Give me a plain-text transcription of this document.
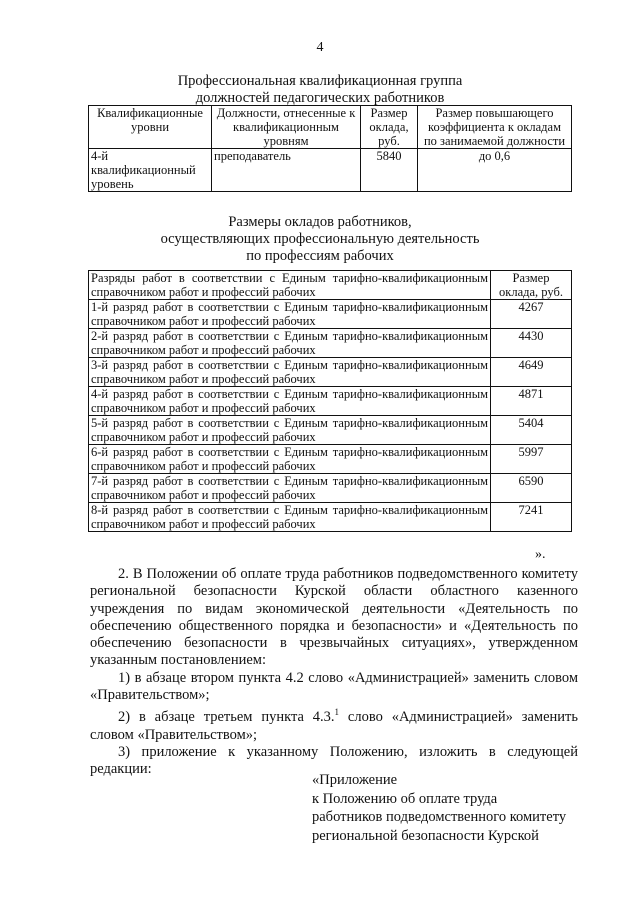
4
Профессиональная квалификационная группа
должностей педагогических работников
Квалификационные уровни	Должности, отнесенные к квалификационным уровням	Размер оклада, руб.	Размер повышающего коэффициента к окладам по занимаемой должности
4-й квалификационный уровень	преподаватель	5840	до 0,6
Размеры окладов работников,
осуществляющих профессиональную деятельность
по профессиям рабочих
Разряды работ в соответствии с Единым тарифно-квалификационным справочником работ и профессий рабочих	Размер оклада, руб.
1-й разряд работ в соответствии с Единым тарифно-квалификационным справочником работ и профессий рабочих	4267
2-й разряд работ в соответствии с Единым тарифно-квалификационным справочником работ и профессий рабочих	4430
3-й разряд работ в соответствии с Единым тарифно-квалификационным справочником работ и профессий рабочих	4649
4-й разряд работ в соответствии с Единым тарифно-квалификационным справочником работ и профессий рабочих	4871
5-й разряд работ в соответствии с Единым тарифно-квалификационным справочником работ и профессий рабочих	5404
6-й разряд работ в соответствии с Единым тарифно-квалификационным справочником работ и профессий рабочих	5997
7-й разряд работ в соответствии с Единым тарифно-квалификационным справочником работ и профессий рабочих	6590
8-й разряд работ в соответствии с Единым тарифно-квалификационным справочником работ и профессий рабочих	7241
».

2. В Положении об оплате труда работников подведомственного комитету региональной безопасности Курской области областного казенного учреждения по видам экономической деятельности «Деятельность по обеспечению общественного порядка и безопасности» и «Деятельность по обеспечению безопасности в чрезвычайных ситуациях», утвержденном указанным постановлением:

1) в абзаце втором пункта 4.2 слово «Администрацией» заменить словом «Правительством»;

2) в абзаце третьем пункта 4.3.$^1$ слово «Администрацией» заменить словом «Правительством»;

3) приложение к указанному Положению, изложить в следующей редакции:

«Приложение
к Положению об оплате труда
работников подведомственного комитету
региональной безопасности Курской
